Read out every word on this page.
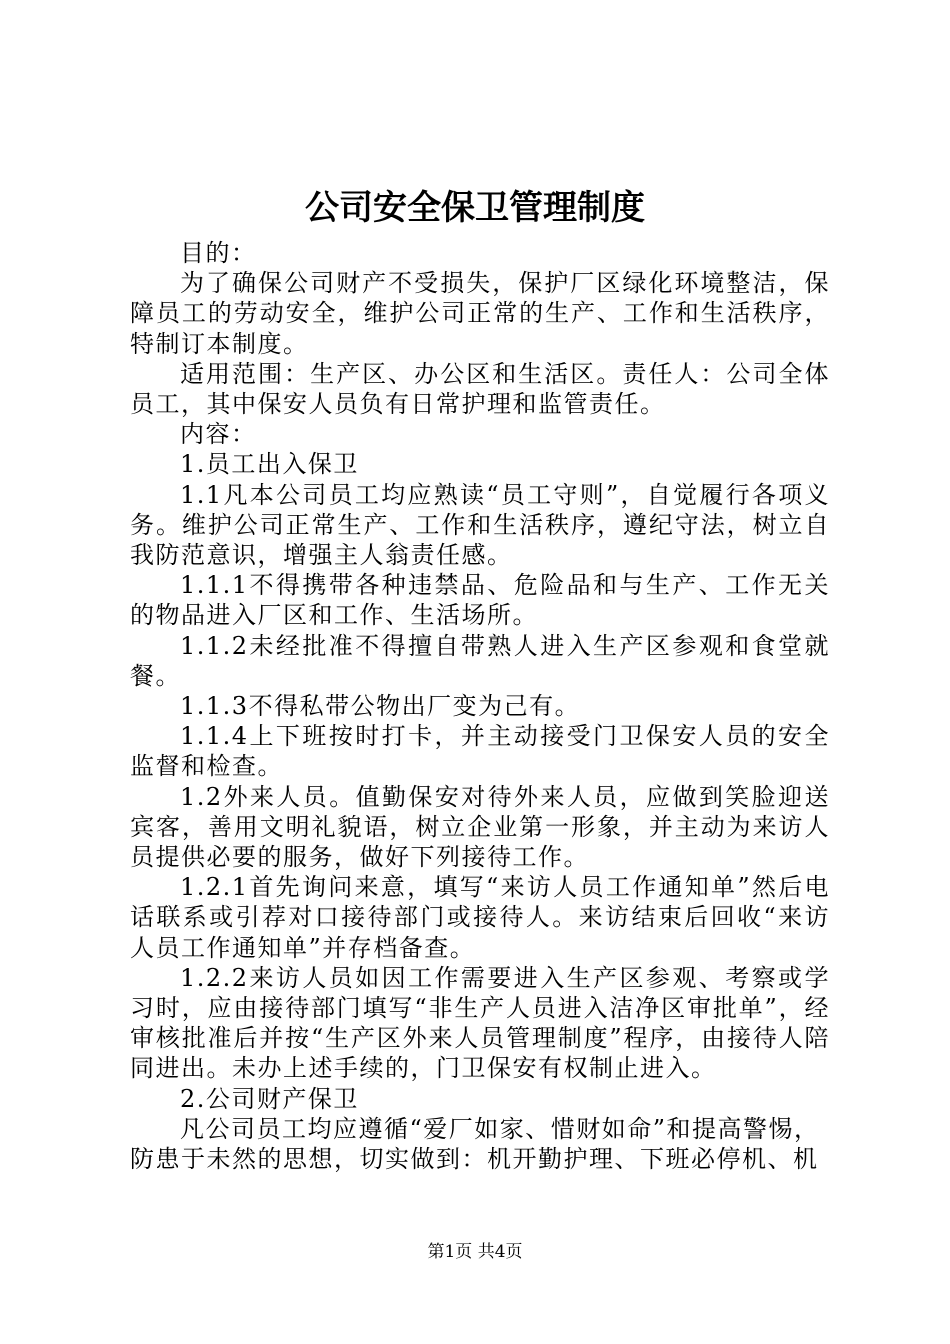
公司安全保卫管理制度

目的：

为了确保公司财产不受损失，保护厂区绿化环境整洁，保障员工的劳动安全，维护公司正常的生产、工作和生活秩序，特制订本制度。

适用范围：生产区、办公区和生活区。责任人：公司全体员工，其中保安人员负有日常护理和监管责任。

内容：

1.员工出入保卫

1.1凡本公司员工均应熟读“员工守则”，自觉履行各项义务。维护公司正常生产、工作和生活秩序，遵纪守法，树立自我防范意识，增强主人翁责任感。

1.1.1不得携带各种违禁品、危险品和与生产、工作无关的物品进入厂区和工作、生活场所。

1.1.2未经批准不得擅自带熟人进入生产区参观和食堂就餐。

1.1.3不得私带公物出厂变为己有。

1.1.4上下班按时打卡，并主动接受门卫保安人员的安全监督和检查。

1.2外来人员。值勤保安对待外来人员，应做到笑脸迎送宾客，善用文明礼貌语，树立企业第一形象，并主动为来访人员提供必要的服务，做好下列接待工作。

1.2.1首先询问来意，填写“来访人员工作通知单”然后电话联系或引荐对口接待部门或接待人。来访结束后回收“来访人员工作通知单”并存档备查。

1.2.2来访人员如因工作需要进入生产区参观、考察或学习时，应由接待部门填写“非生产人员进入洁净区审批单”，经审核批准后并按“生产区外来人员管理制度”程序，由接待人陪同进出。未办上述手续的，门卫保安有权制止进入。

2.公司财产保卫

凡公司员工均应遵循“爱厂如家、惜财如命”和提高警惕，防患于未然的思想，切实做到：机开勤护理、下班必停机、机

第1页 共4页
